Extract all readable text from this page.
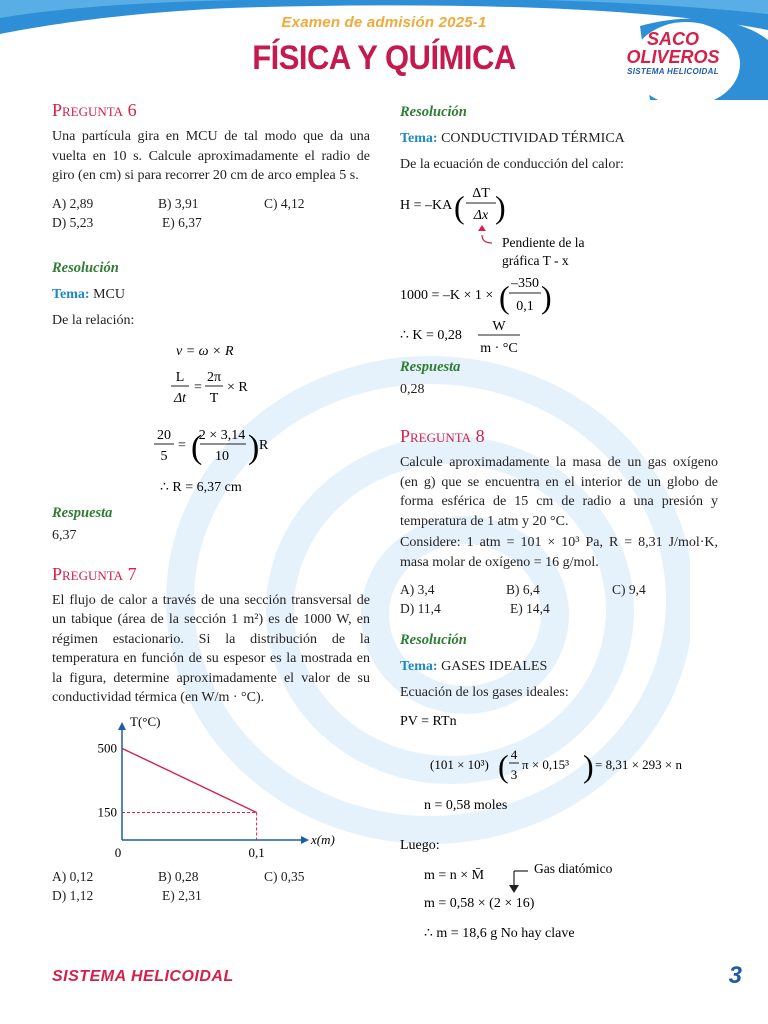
Examen de admisión 2025-1
FÍSICA Y QUÍMICA	SACO
OLIVEROS
SISTEMA HELICOIDAL
Pregunta 6

Una partícula gira en MCU de tal modo que da una vuelta en 10 s. Calcule aproximadamente el radio de giro (en cm) si para recorrer 20 cm de arco emplea 5 s.

A) 2,89	B) 3,91	C) 4,12
D) 5,23	E) 6,37
Resolución
Tema: MCU
De la relación:
v = ω × R
L
Δt
=
2π
T
× R
20
5
= (
2 × 3,14
10 ) R
∴ R = 6,37 cm
Respuesta
6,37
Pregunta 7

El flujo de calor a través de una sección transversal de un tabique (área de la sección 1 m²) es de 1000 W, en régimen estacionario. Si la distribución de la temperatura en función de su espesor es la mostrada en la figura, determine aproximadamente el valor de su conductividad térmica (en W/m · °C).

T(°C)
x(m)
500
150
0	0,1
A) 0,12	B) 0,28	C) 0,35
D) 1,12	E) 2,31
Resolución
Tema: CONDUCTIVIDAD TÉRMICA
De la ecuación de conducción del calor:
H = –KA ( ΔT
Δx )
Pendiente de la
gráfica T - x
1000 = –K × 1 × ( –350
0,1 )
∴ K = 0,28
W
m · °C
Respuesta
0,28
Pregunta 8

Calcule aproximadamente la masa de un gas oxígeno (en g) que se encuentra en el interior de un globo de forma esférica de 15 cm de radio a una presión y temperatura de 1 atm y 20 °C.

Considere: 1 atm = 101 × 10³ Pa, R = 8,31 J/mol·K, masa molar de oxígeno = 16 g/mol.

A) 3,4	B) 6,4	C) 9,4
D) 11,4	E) 14,4
Resolución
Tema: GASES IDEALES
Ecuación de los gases ideales:
PV = RTn
(101 × 10³) ( 4
3
π × 0,15³ ) = 8,31 × 293 × n
n = 0,58 moles
Luego:
m = n × M̄	Gas diatómico
m = 0,58 × (2 × 16)
∴ m = 18,6 g No hay clave
SISTEMA HELICOIDAL	3
